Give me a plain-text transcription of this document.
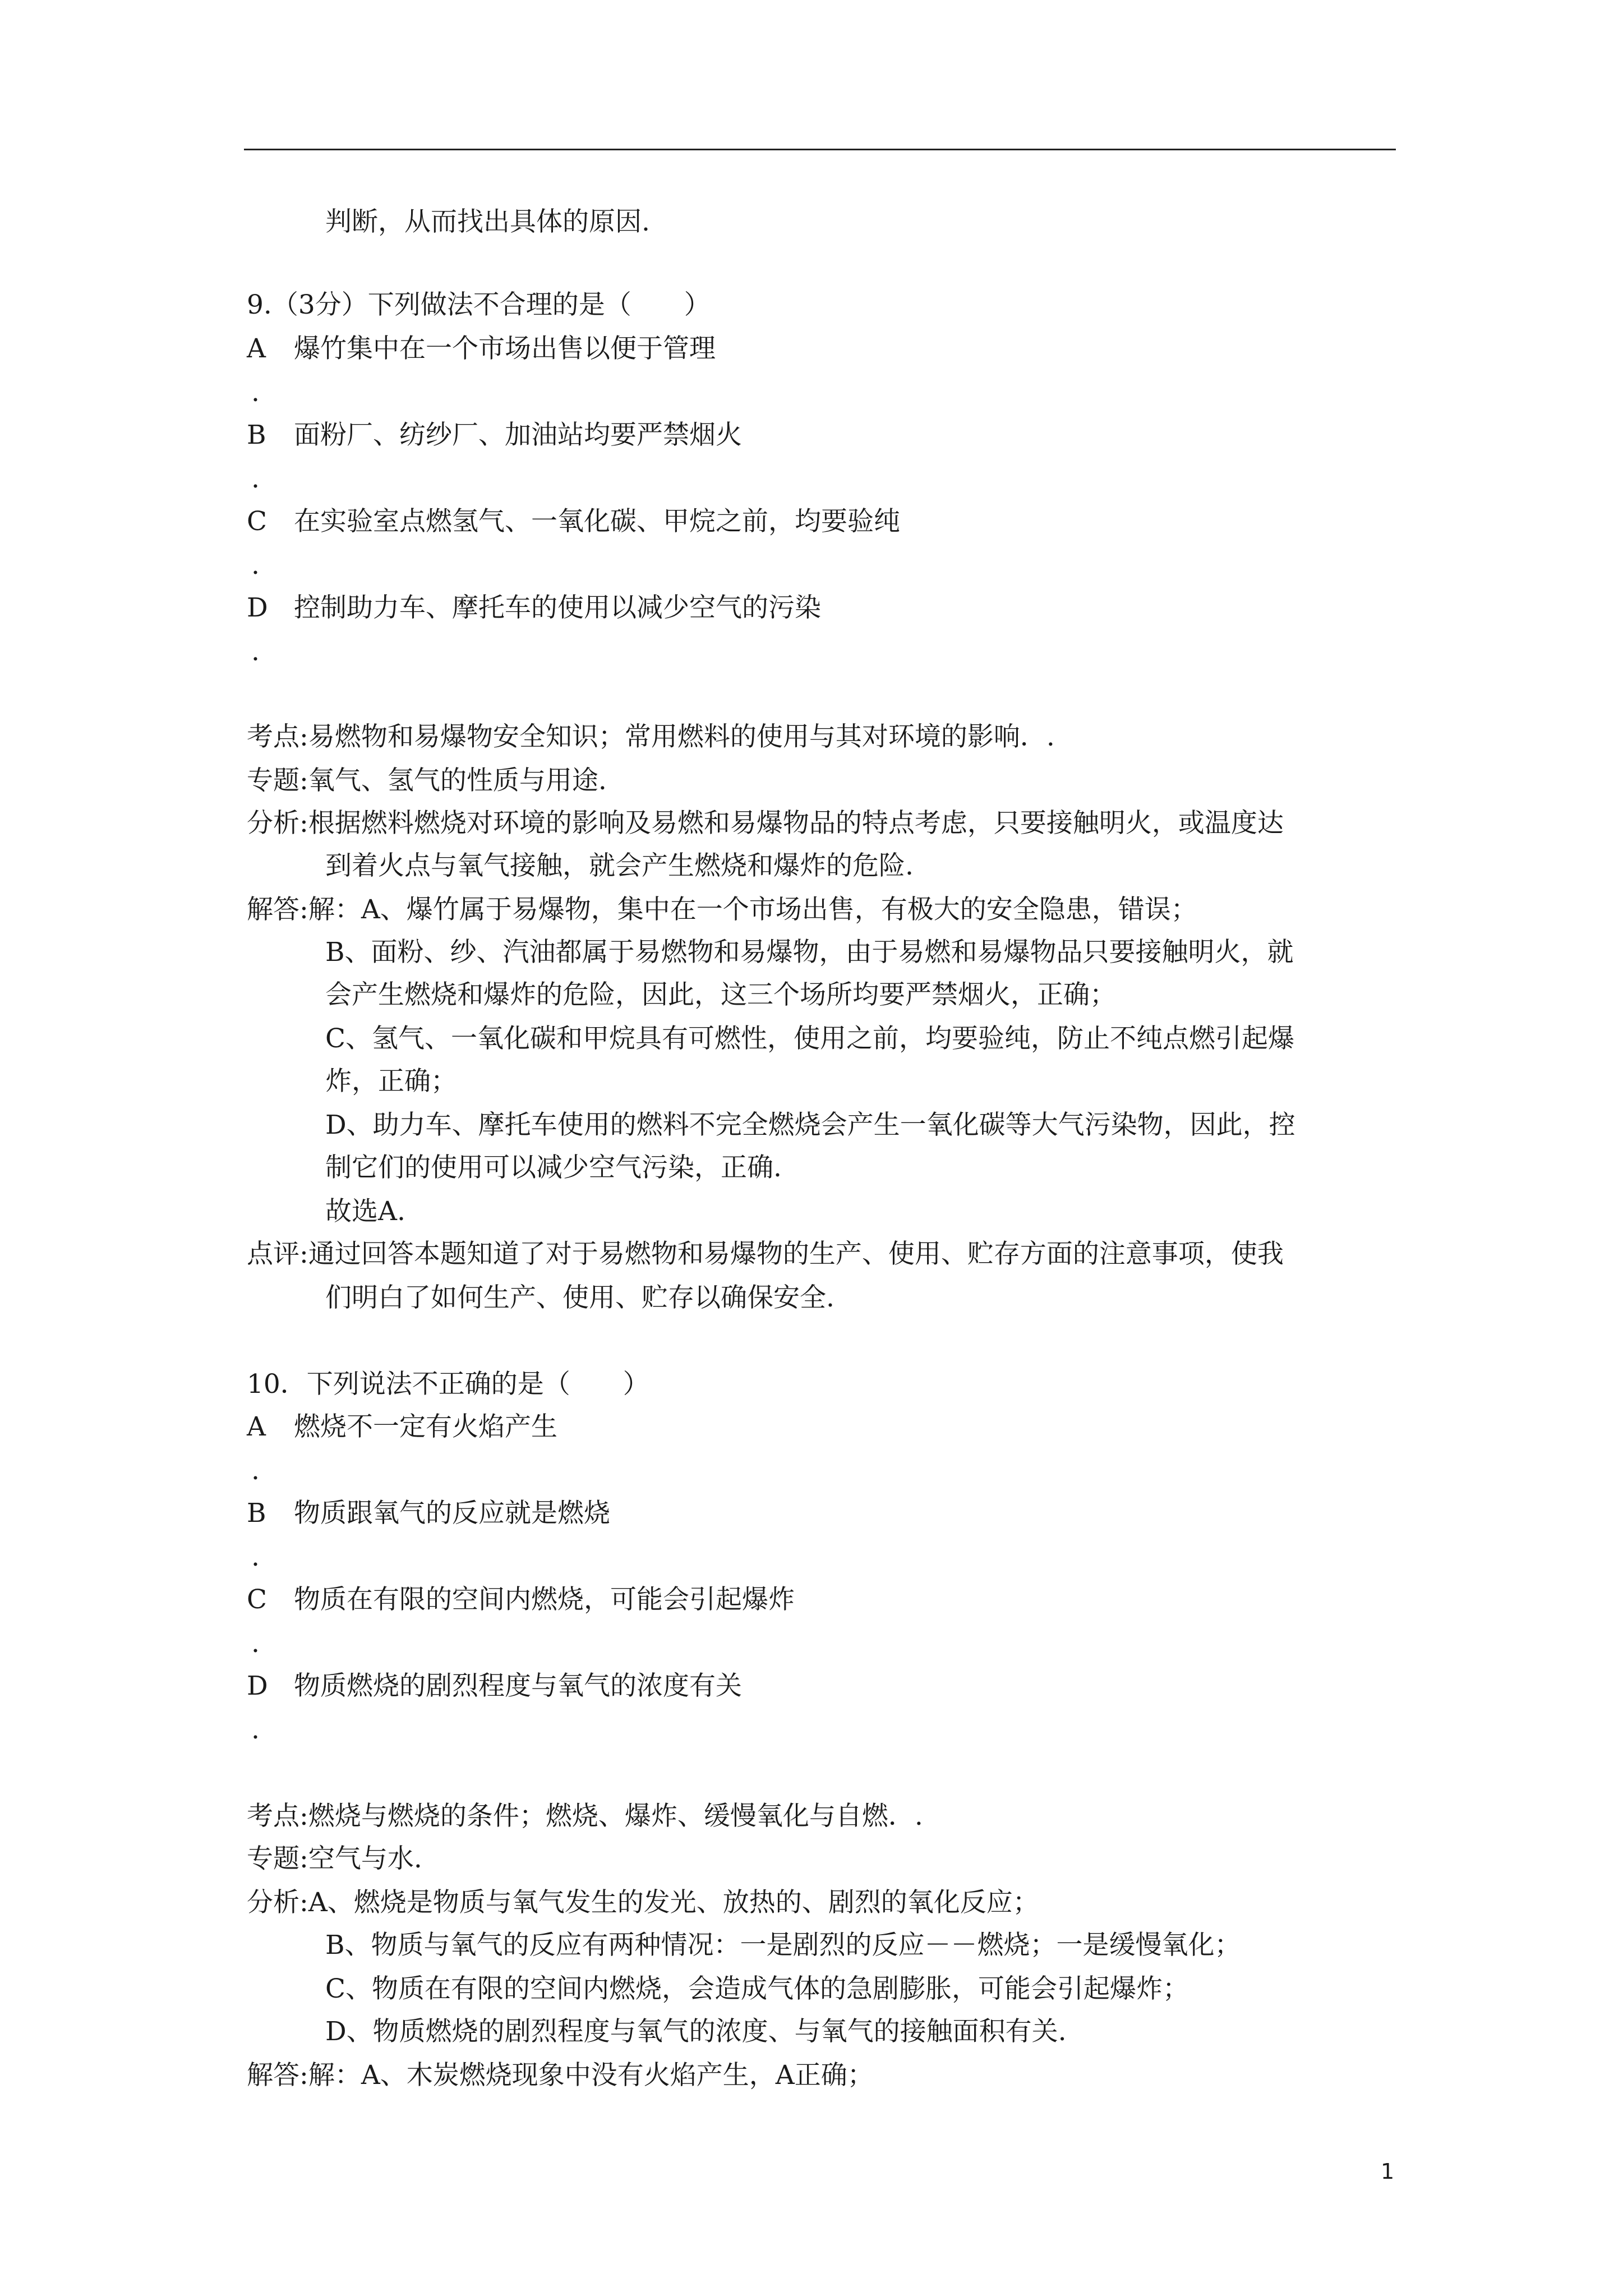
判断，从而找出具体的原因.
9.（3分）下列做法不合理的是（　　）
A 爆竹集中在一个市场出售以便于管理
.
B 面粉厂、纺纱厂、加油站均要严禁烟火
.
C 在实验室点燃氢气、一氧化碳、甲烷之前，均要验纯
.
D 控制助力车、摩托车的使用以减少空气的污染
.
考点:易燃物和易爆物安全知识；常用燃料的使用与其对环境的影响．.
专题:氧气、氢气的性质与用途.
分析:根据燃料燃烧对环境的影响及易燃和易爆物品的特点考虑，只要接触明火，或温度达
到着火点与氧气接触，就会产生燃烧和爆炸的危险.
解答:解：A、爆竹属于易爆物，集中在一个市场出售，有极大的安全隐患，错误；
B、面粉、纱、汽油都属于易燃物和易爆物，由于易燃和易爆物品只要接触明火，就
会产生燃烧和爆炸的危险，因此，这三个场所均要严禁烟火，正确；
C、氢气、一氧化碳和甲烷具有可燃性，使用之前，均要验纯，防止不纯点燃引起爆
炸，正确；
D、助力车、摩托车使用的燃料不完全燃烧会产生一氧化碳等大气污染物，因此，控
制它们的使用可以减少空气污染，正确.
故选A.
点评:通过回答本题知道了对于易燃物和易爆物的生产、使用、贮存方面的注意事项，使我
们明白了如何生产、使用、贮存以确保安全.
10．下列说法不正确的是（　　）
A 燃烧不一定有火焰产生
.
B 物质跟氧气的反应就是燃烧
.
C 物质在有限的空间内燃烧，可能会引起爆炸
.
D 物质燃烧的剧烈程度与氧气的浓度有关
.
考点:燃烧与燃烧的条件；燃烧、爆炸、缓慢氧化与自燃．.
专题:空气与水.
分析:A、燃烧是物质与氧气发生的发光、放热的、剧烈的氧化反应；
B、物质与氧气的反应有两种情况：一是剧烈的反应－－燃烧；一是缓慢氧化；
C、物质在有限的空间内燃烧，会造成气体的急剧膨胀，可能会引起爆炸；
D、物质燃烧的剧烈程度与氧气的浓度、与氧气的接触面积有关.
解答:解：A、木炭燃烧现象中没有火焰产生，A正确；
1
